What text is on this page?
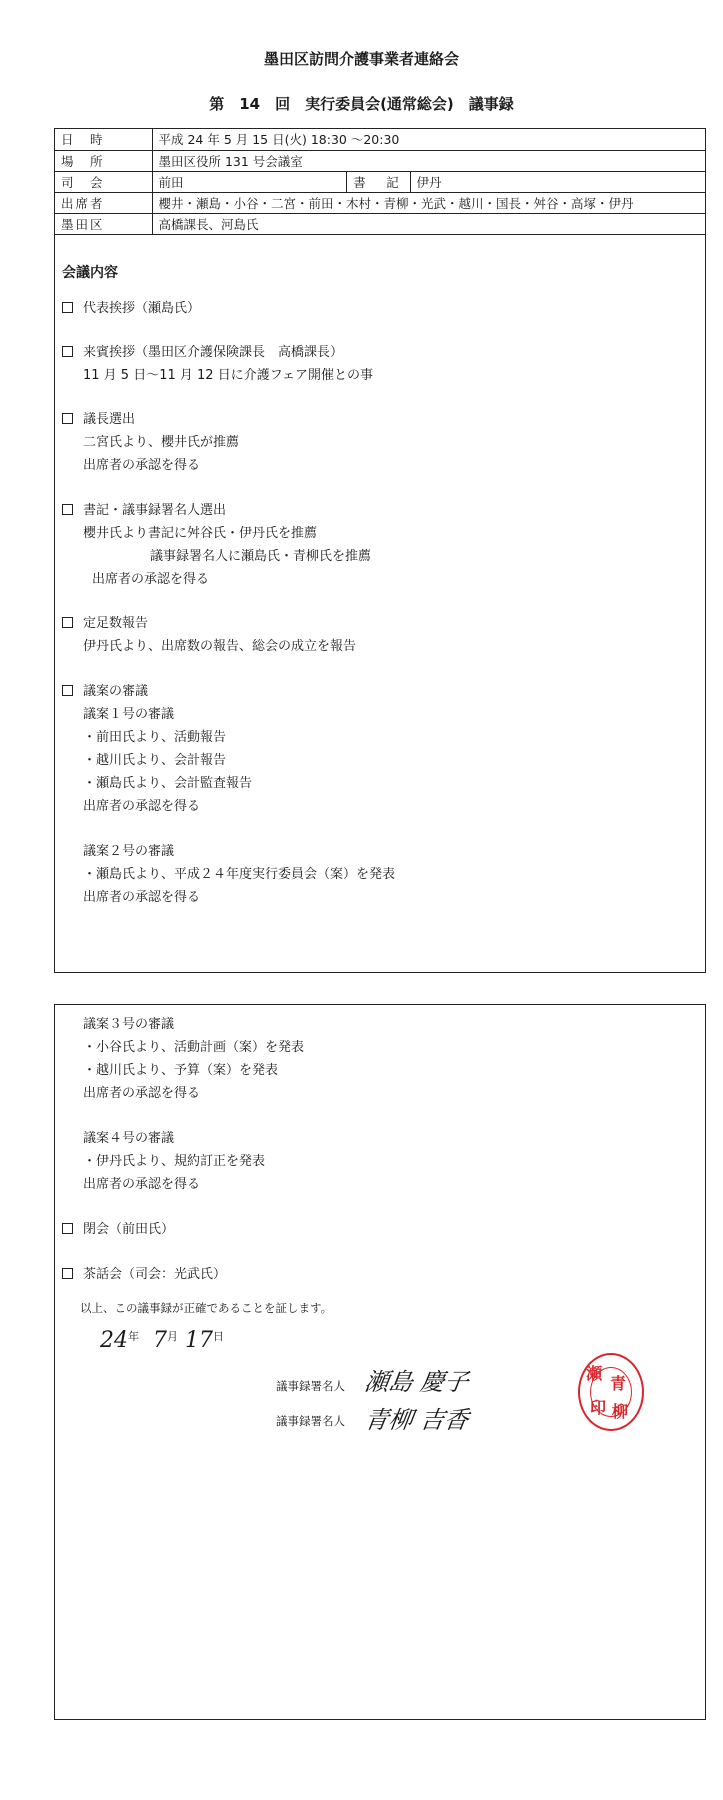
墨田区訪問介護事業者連絡会
第　14　回　実行委員会(通常総会)　議事録
日　時	平成 24 年 5 月 15 日(火) 18:30 ～20:30		
場　所	墨田区役所 131 号会議室		
司　会	前田	書　記	伊丹
出席者	櫻井・瀬島・小谷・二宮・前田・木村・青柳・光武・越川・国長・舛谷・高塚・伊丹		
墨田区	高橋課長、河島氏		
会議内容
代表挨拶（瀬島氏）
来賓挨拶（墨田区介護保険課長　高橋課長）
11 月 5 日～11 月 12 日に介護フェア開催との事
議長選出
二宮氏より、櫻井氏が推薦
出席者の承認を得る
書記・議事録署名人選出
櫻井氏より書記に舛谷氏・伊丹氏を推薦
議事録署名人に瀬島氏・青柳氏を推薦
出席者の承認を得る
定足数報告
伊丹氏より、出席数の報告、総会の成立を報告
議案の審議
議案１号の審議
・前田氏より、活動報告
・越川氏より、会計報告
・瀬島氏より、会計監査報告
出席者の承認を得る
議案２号の審議
・瀬島氏より、平成２４年度実行委員会（案）を発表
出席者の承認を得る
議案３号の審議
・小谷氏より、活動計画（案）を発表
・越川氏より、予算（案）を発表
出席者の承認を得る
議案４号の審議
・伊丹氏より、規約訂正を発表
出席者の承認を得る
閉会（前田氏）
茶話会（司会：光武氏）
以上、この議事録が正確であることを証します。
$24^年$ $7^月$ $17^日$
議事録署名人 瀬島 慶子
議事録署名人 青柳 吉香
瀬
青
印 柳
